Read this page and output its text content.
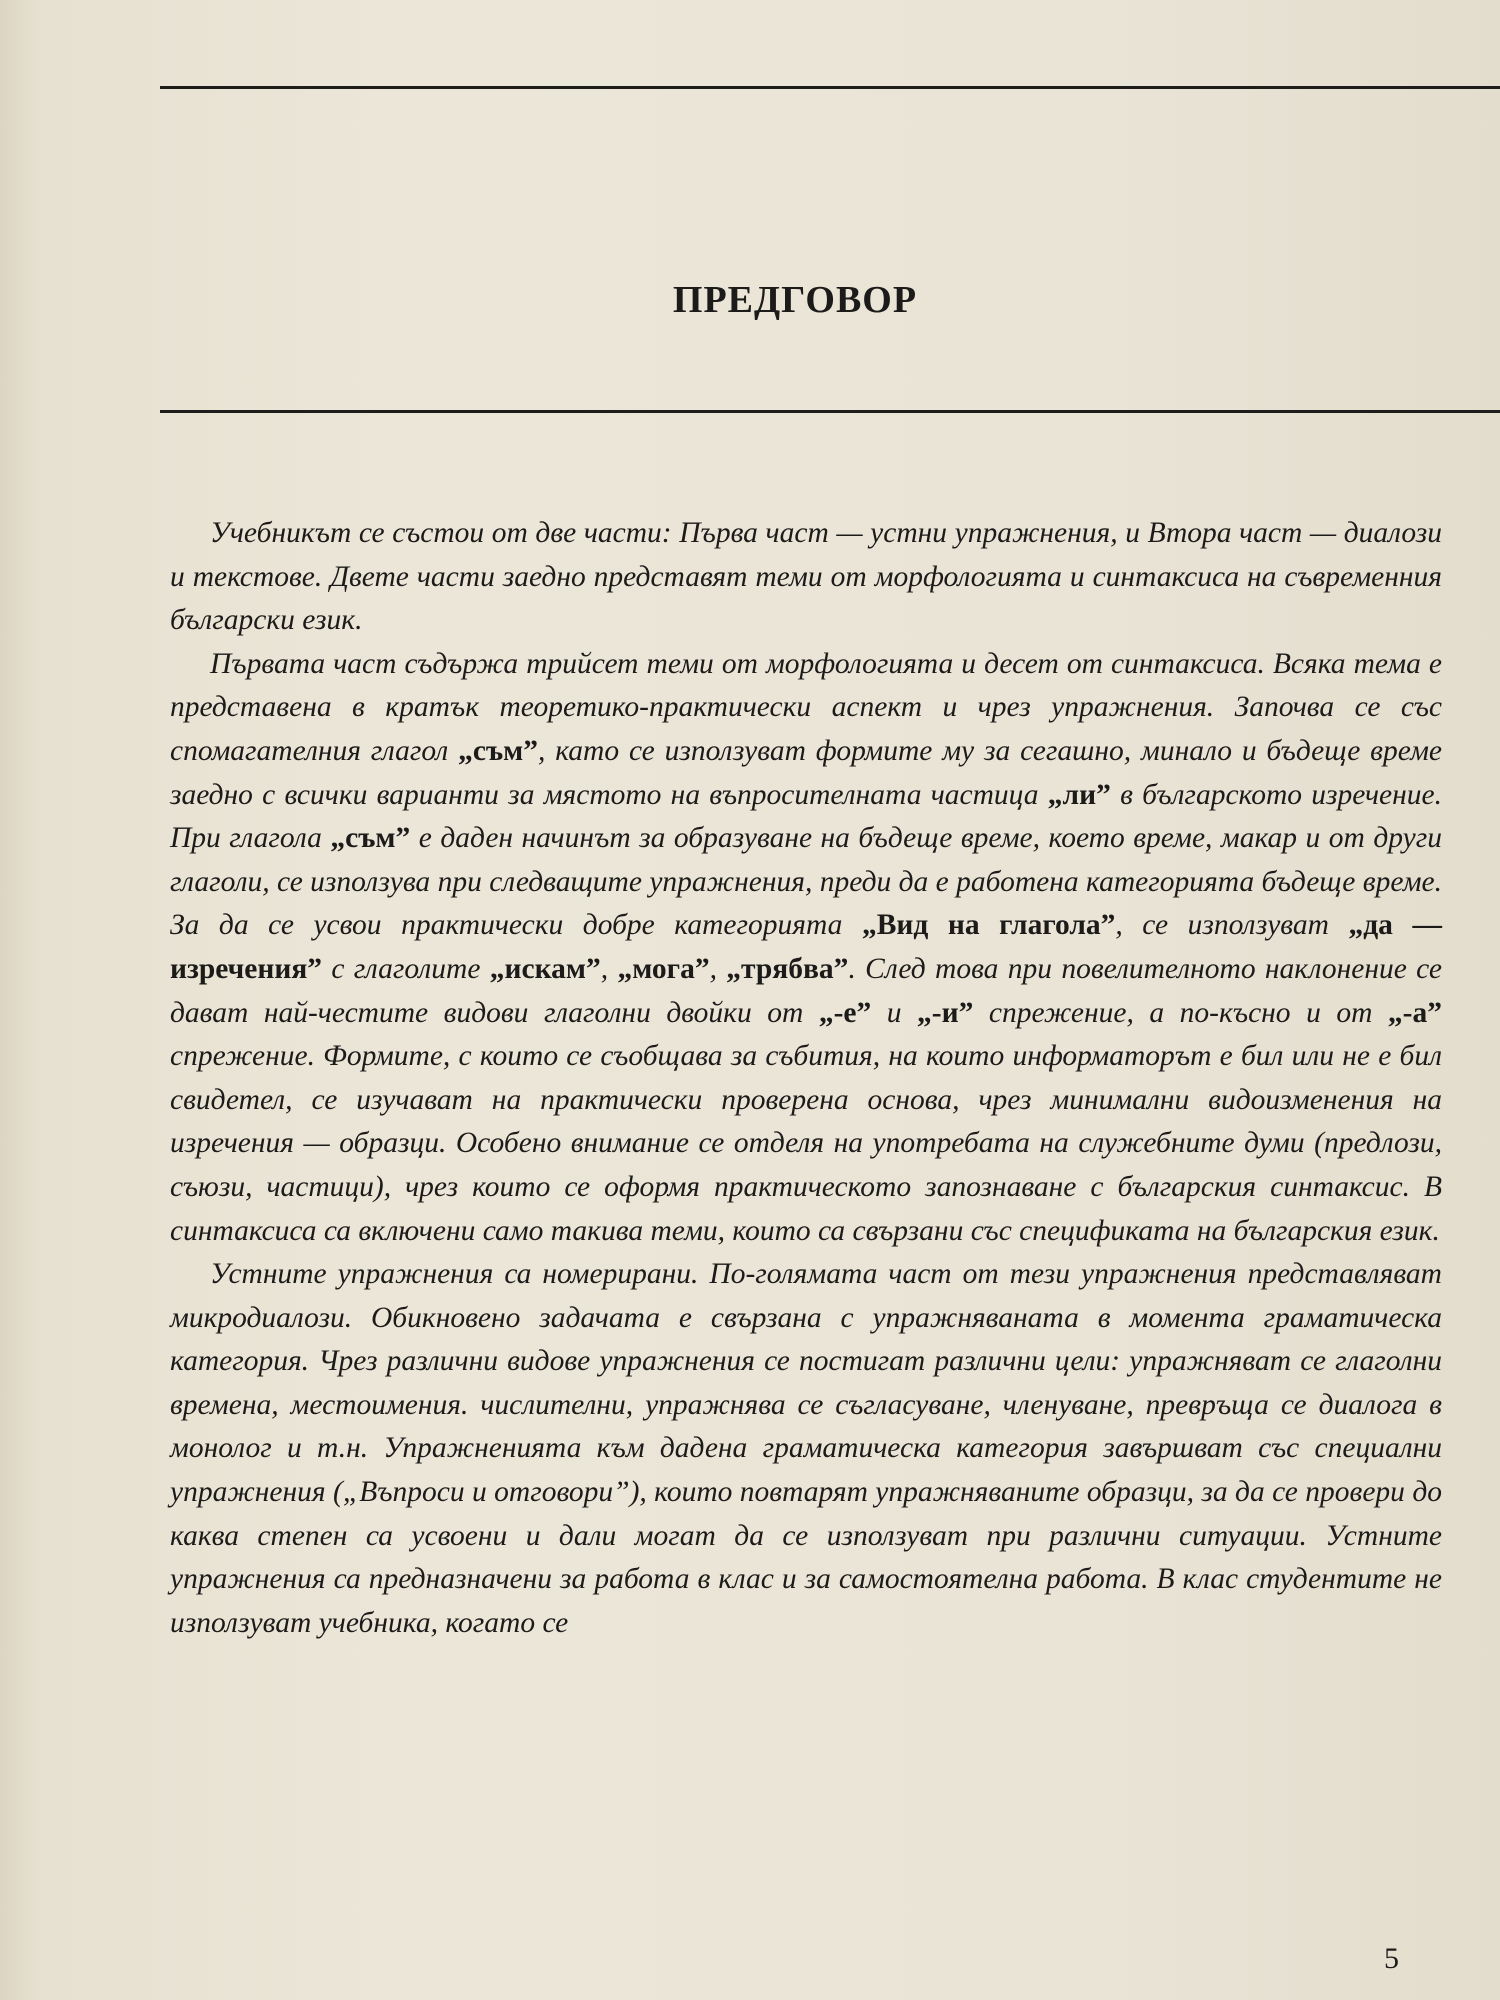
ПРЕДГОВОР

Учебникът се състои от две части: Първа част — устни упражнения, и Втора част — диалози и текстове. Двете части заедно представят теми от морфологията и синтаксиса на съвременния български език.

Първата част съдържа трийсет теми от морфологията и десет от синтаксиса. Всяка тема е представена в кратък теоретико-практически аспект и чрез упражнения. Започва се със спомагателния глагол „съм”, като се използуват формите му за сегашно, минало и бъдеще време заедно с всички варианти за мястото на въпросителната частица „ли” в българското изречение. При глагола „съм” е даден начинът за образуване на бъдеще време, което време, макар и от други глаголи, се използува при следващите упражнения, преди да е работена категорията бъдеще време. За да се усвои практически добре категорията „Вид на глагола”, се използуват „да — изречения” с глаголите „искам”, „мога”, „трябва”. След това при повелителното наклонение се дават най-честите видови глаголни двойки от „-е” и „-и” спрежение, а по-късно и от „-а” спрежение. Формите, с които се съобщава за събития, на които информаторът е бил или не е бил свидетел, се изучават на практически проверена основа, чрез минимални видоизменения на изречения — образци. Особено внимание се отделя на употребата на служебните думи (предлози, съюзи, частици), чрез които се оформя практическото запознаване с българския синтаксис. В синтаксиса са включени само такива теми, които са свързани със спецификата на българския език.

Устните упражнения са номерирани. По-голямата част от тези упражнения представляват микродиалози. Обикновено задачата е свързана с упражняваната в момента граматическа категория. Чрез различни видове упражнения се постигат различни цели: упражняват се глаголни времена, местоимения. числителни, упражнява се съгласуване, членуване, превръща се диалога в монолог и т.н. Упражненията към дадена граматическа категория завършват със специални упражнения („Въпроси и отговори”), които повтарят упражняваните образци, за да се провери до каква степен са усвоени и дали могат да се използуват при различни ситуации. Устните упражнения са предназначени за работа в клас и за самостоятелна работа. В клас студентите не използуват учебника, когато се

5
